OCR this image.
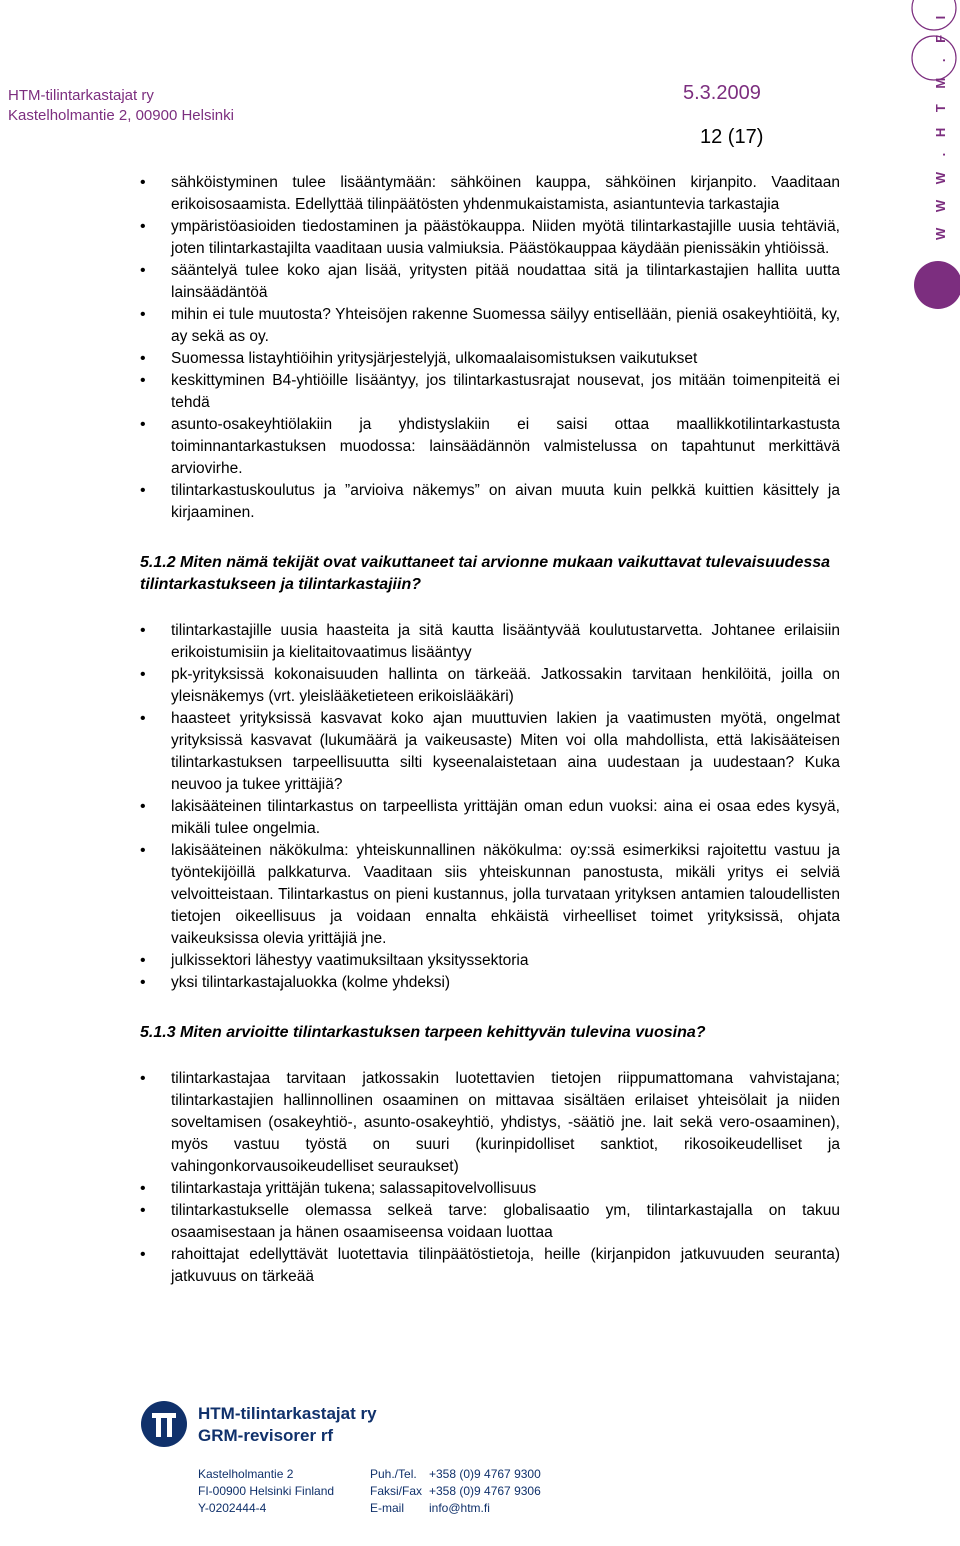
HTM-tilintarkastajat ry
Kastelholmantie 2, 00900 Helsinki
5.3.2009
12 (17)	W W W . H T M . F I
• sähköistyminen tulee lisääntymään: sähköinen kauppa, sähköinen kirjanpito. Vaaditaan erikoisosaamista. Edellyttää tilinpäätösten yhdenmukaistamista, asiantuntevia tarkastajia
• ympäristöasioiden tiedostaminen ja päästökauppa. Niiden myötä tilintarkastajille uusia tehtäviä, joten tilintarkastajilta vaaditaan uusia valmiuksia. Päästökauppaa käydään pienissäkin yhtiöissä.
• sääntelyä tulee koko ajan lisää, yritysten pitää noudattaa sitä ja tilintarkastajien hallita uutta lainsäädäntöä
• mihin ei tule muutosta? Yhteisöjen rakenne Suomessa säilyy entisellään, pieniä osakeyhtiöitä, ky, ay sekä as oy.
• Suomessa listayhtiöihin yritysjärjestelyjä, ulkomaalaisomistuksen vaikutukset
• keskittyminen B4-yhtiöille lisääntyy, jos tilintarkastusrajat nousevat, jos mitään toimenpiteitä ei tehdä
• asunto-osakeyhtiölakiin ja yhdistyslakiin ei saisi ottaa maallikkotilintarkastusta toiminnantarkastuksen muodossa: lainsäädännön valmistelussa on tapahtunut merkittävä arviovirhe.
• tilintarkastuskoulutus ja ”arvioiva näkemys” on aivan muuta kuin pelkkä kuittien käsittely ja kirjaaminen.
5.1.2 Miten nämä tekijät ovat vaikuttaneet tai arvionne mukaan vaikuttavat tulevaisuudessa tilintarkastukseen ja tilintarkastajiin?
• tilintarkastajille uusia haasteita ja sitä kautta lisääntyvää koulutustarvetta. Johtanee erilaisiin erikoistumisiin ja kielitaitovaatimus lisääntyy
• pk-yrityksissä kokonaisuuden hallinta on tärkeää. Jatkossakin tarvitaan henkilöitä, joilla on yleisnäkemys (vrt. yleislääketieteen erikoislääkäri)
• haasteet yrityksissä kasvavat koko ajan muuttuvien lakien ja vaatimusten myötä, ongelmat yrityksissä kasvavat (lukumäärä ja vaikeusaste) Miten voi olla mahdollista, että lakisääteisen tilintarkastuksen tarpeellisuutta silti kyseenalaistetaan aina uudestaan ja uudestaan? Kuka neuvoo ja tukee yrittäjiä?
• lakisääteinen tilintarkastus on tarpeellista yrittäjän oman edun vuoksi: aina ei osaa edes kysyä, mikäli tulee ongelmia.
• lakisääteinen näkökulma: yhteiskunnallinen näkökulma: oy:ssä esimerkiksi rajoitettu vastuu ja työntekijöillä palkkaturva. Vaaditaan siis yhteiskunnan panostusta, mikäli yritys ei selviä velvoitteistaan. Tilintarkastus on pieni kustannus, jolla turvataan yrityksen antamien taloudellisten tietojen oikeellisuus ja voidaan ennalta ehkäistä virheelliset toimet yrityksissä, ohjata vaikeuksissa olevia yrittäjiä jne.
• julkissektori lähestyy vaatimuksiltaan yksityssektoria
• yksi tilintarkastajaluokka (kolme yhdeksi)
5.1.3 Miten arvioitte tilintarkastuksen tarpeen kehittyvän tulevina vuosina?
• tilintarkastajaa tarvitaan jatkossakin luotettavien tietojen riippumattomana vahvistajana; tilintarkastajien hallinnollinen osaaminen on mittavaa sisältäen erilaiset yhteisölait ja niiden soveltamisen (osakeyhtiö-, asunto-osakeyhtiö, yhdistys, -säätiö jne. lait sekä vero-osaaminen), myös vastuu työstä on suuri (kurinpidolliset sanktiot, rikosoikeudelliset ja vahingonkorvausoikeudelliset seuraukset)
• tilintarkastaja yrittäjän tukena; salassapitovelvollisuus
• tilintarkastukselle olemassa selkeä tarve: globalisaatio ym, tilintarkastajalla on takuu osaamisestaan ja hänen osaamiseensa voidaan luottaa
• rahoittajat edellyttävät luotettavia tilinpäätöstietoja, heille (kirjanpidon jatkuvuuden seuranta) jatkuvuus on tärkeää
HTM-tilintarkastajat ry
GRM-revisorer rf
Kastelholmantie 2
FI-00900 Helsinki Finland
Y-0202444-4
Puh./Tel.
Faksi/Fax
E-mail
+358 (0)9 4767 9300
+358 (0)9 4767 9306
info@htm.fi
